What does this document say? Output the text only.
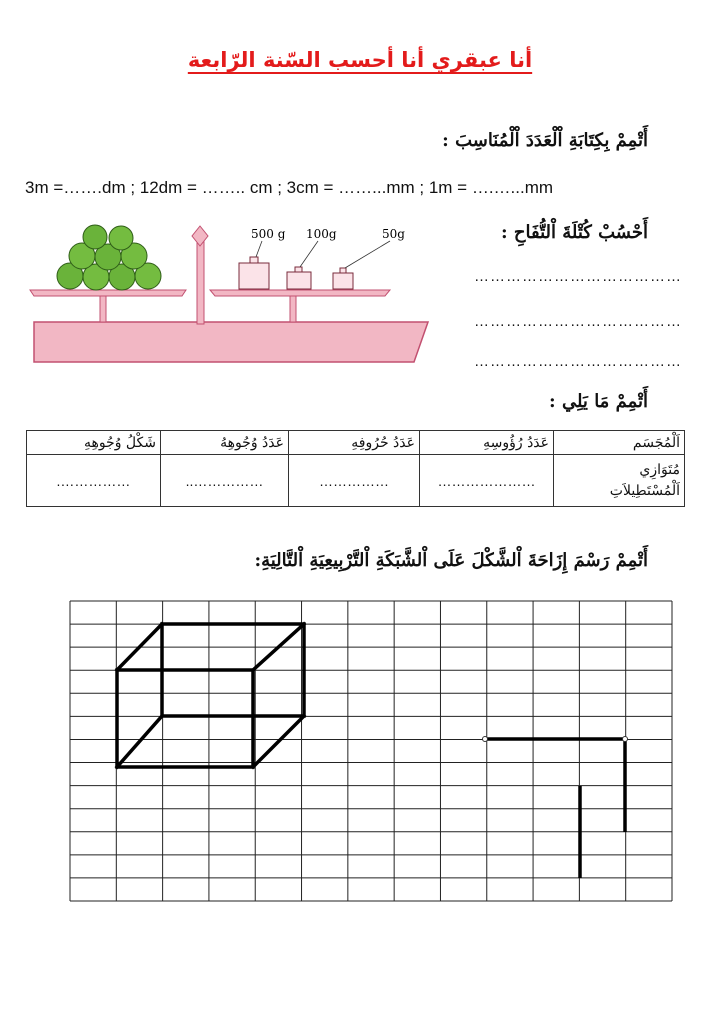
أنا عبقري أنا أحسب السّنة الرّابعة
أَتْمِمْ بِكِتَابَةِ اْلْعَدَدَ اْلْمُنَاسِبَ :
3m =…….dm ; 12dm = …….. cm ; 3cm = ……...mm ; 1m = ….…...mm
أَحْسُبْ كُتْلَةَ اْلتُّفَاحِ :
…………………………………
…………………………………
…………………………………
500 g 100g	50g
أَتْمِمْ مَا يَلِي :
شَكْلُ وُجُوهِهِ	عَدَدُ وُجُوهِهُ	عَدَدُ حُرُوفِهِ	عَدَدُ رُؤُوسِهِ	اَلْمُجَسَم
…………….	……………..	……………	…………………	مُتَوَازِي
اَلْمُسْتَطِيلاَتِ
أَتْمِمْ رَسْمَ إِزَاحَةَ اْلشَّكْلَ عَلَى اْلشَّبَكَةِ اْلتَّرْبِيعِيَةِ اْلتَّالِيَةِ:
